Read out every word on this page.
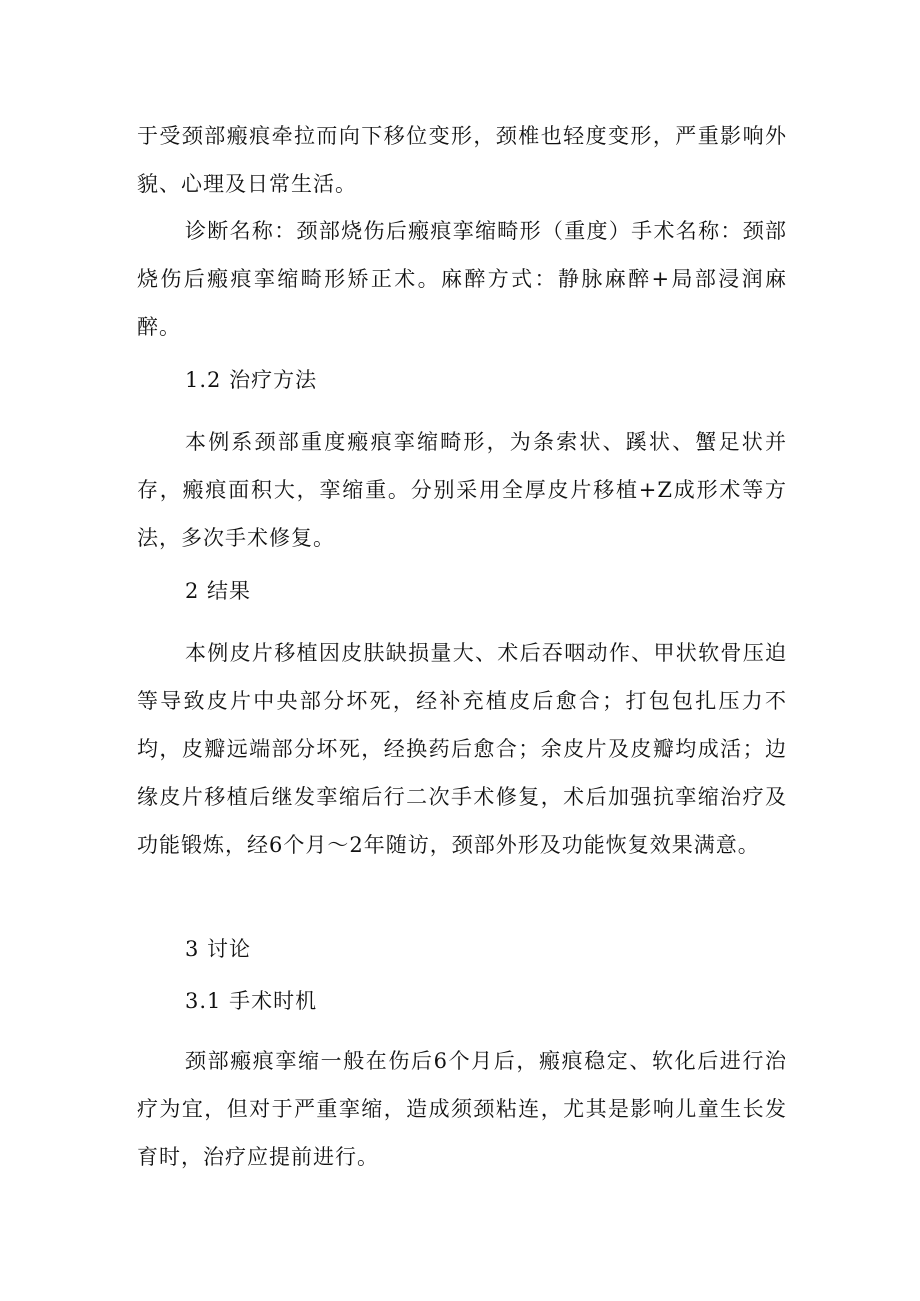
于受颈部瘢痕牵拉而向下移位变形，颈椎也轻度变形，严重影响外貌、心理及日常生活。

诊断名称：颈部烧伤后瘢痕挛缩畸形（重度）手术名称：颈部烧伤后瘢痕挛缩畸形矫正术。麻醉方式：静脉麻醉+局部浸润麻醉。

1.2 治疗方法

本例系颈部重度瘢痕挛缩畸形，为条索状、蹊状、蟹足状并存，瘢痕面积大，挛缩重。分别采用全厚皮片移植+Z成形术等方法，多次手术修复。

2 结果

本例皮片移植因皮肤缺损量大、术后吞咽动作、甲状软骨压迫等导致皮片中央部分坏死，经补充植皮后愈合；打包包扎压力不均，皮瓣远端部分坏死，经换药后愈合；余皮片及皮瓣均成活；边缘皮片移植后继发挛缩后行二次手术修复，术后加强抗挛缩治疗及功能锻炼，经6个月～2年随访，颈部外形及功能恢复效果满意。

3 讨论

3.1 手术时机

颈部瘢痕挛缩一般在伤后6个月后，瘢痕稳定、软化后进行治疗为宜，但对于严重挛缩，造成须颈粘连，尤其是影响儿童生长发育时，治疗应提前进行。
